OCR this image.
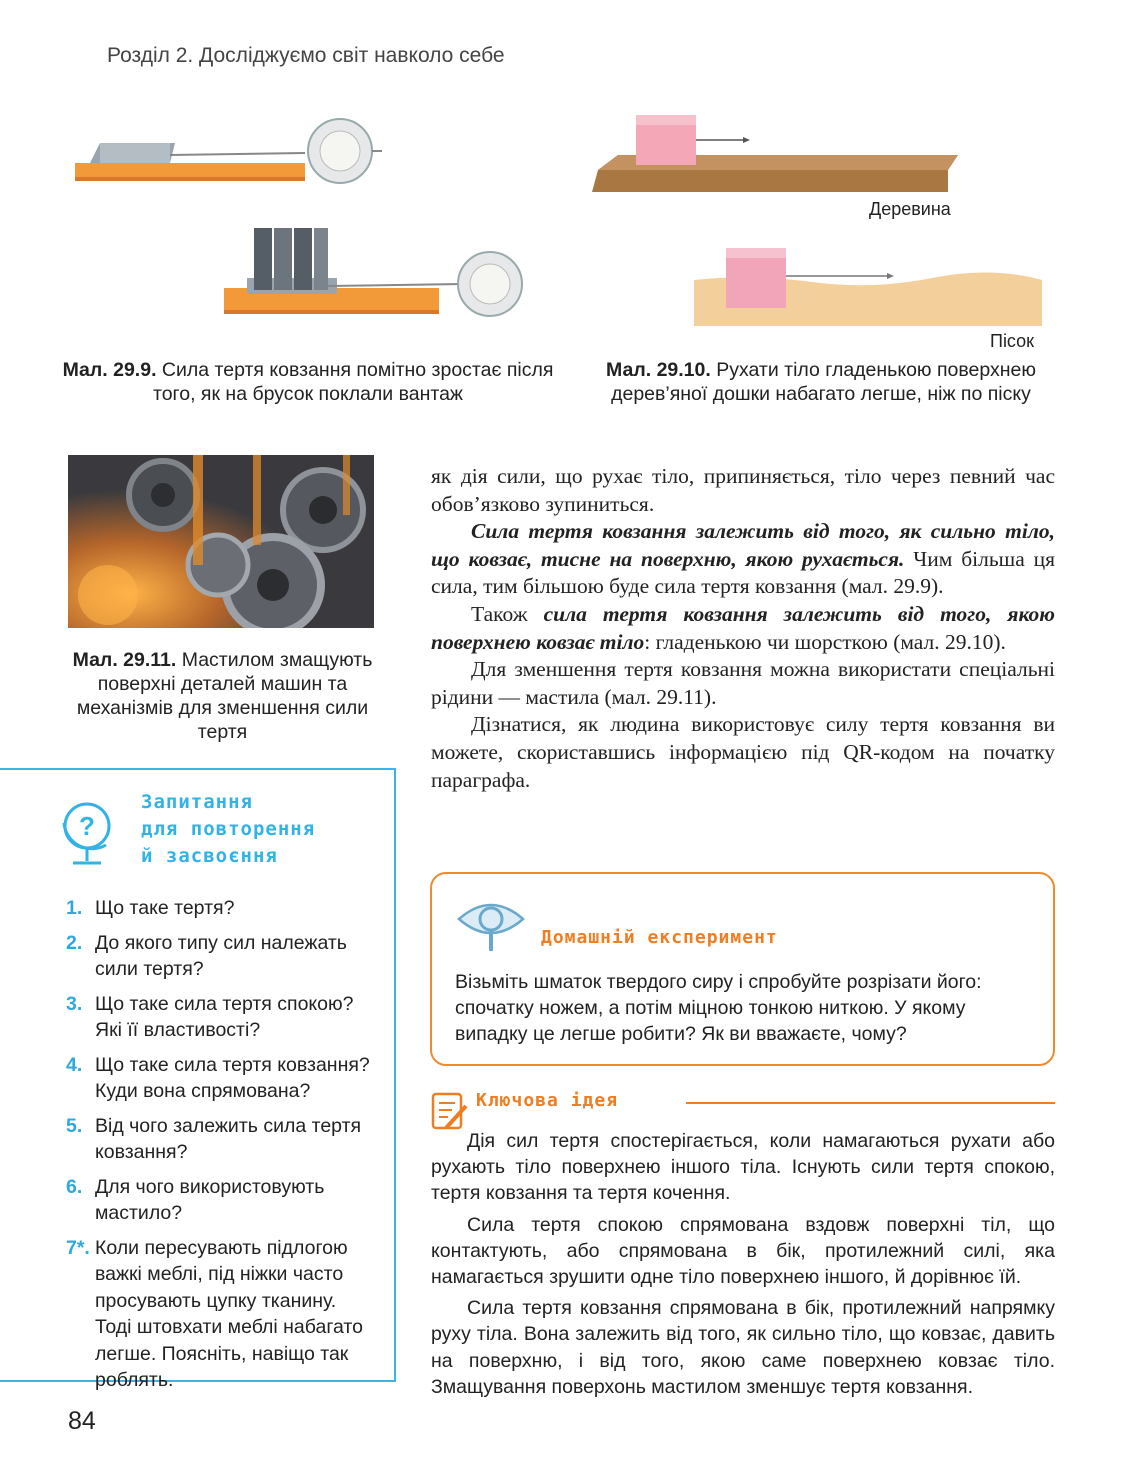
Розділ 2. Досліджуємо світ навколо себе
Деревина
Пісок
Мал. 29.9. Сила тертя ковзання помітно зростає після того, як на брусок поклали вантаж
Мал. 29.10. Рухати тіло гладенькою поверхнею дерев’яної дошки набагато легше, ніж по піску
Мал. 29.11. Мастилом змащують поверхні деталей машин та механізмів для зменшення сили тертя

як дія сили, що рухає тіло, припиняється, тіло через певний час обов’язково зупиниться.

Сила тертя ковзання залежить від того, як сильно тіло, що ковзає, тисне на поверхню, якою рухається. Чим більша ця сила, тим більшою буде сила тертя ковзання (мал. 29.9).

Також сила тертя ковзання залежить від того, якою поверхнею ковзає тіло: гладенькою чи шорсткою (мал. 29.10).

Для зменшення тертя ковзання можна використати спеціальні рідини — мастила (мал. 29.11).

Дізнатися, як людина використовує силу тертя ковзання ви можете, скориставшись інформацією під QR-кодом на початку параграфа.

?
Запитання
для повторення
й засвоєння
1. Що таке тертя?
2. До якого типу сил належать сили тертя?
3. Що таке сила тертя спокою? Які її властивості?
4. Що таке сила тертя ковзання? Куди вона спрямована?
5. Від чого залежить сила тертя ковзання?
6. Для чого використовують мастило?
7*. Коли пересувають підлогою важкі меблі, під ніжки часто просувають цупку тканину. Тоді штовхати меблі набагато легше. Поясніть, навіщо так роблять.
Домашній експеримент
Візьміть шматок твердого сиру і спробуйте розрізати його: спочатку ножем, а потім міцною тонкою ниткою. У якому випадку це легше робити? Як ви вважаєте, чому?
Ключова ідея

Дія сил тертя спостерігається, коли намагаються рухати або рухають тіло поверхнею іншого тіла. Існують сили тертя спокою, тертя ковзання та тертя кочення.

Сила тертя спокою спрямована вздовж поверхні тіл, що контактують, або спрямована в бік, протилежний силі, яка намагається зрушити одне тіло поверхнею іншого, й дорівнює їй.

Сила тертя ковзання спрямована в бік, протилежний напрямку руху тіла. Вона залежить від того, як сильно тіло, що ковзає, давить на поверхню, і від того, якою саме поверхнею ковзає тіло. Змащування поверхонь мастилом зменшує тертя ковзання.

84
